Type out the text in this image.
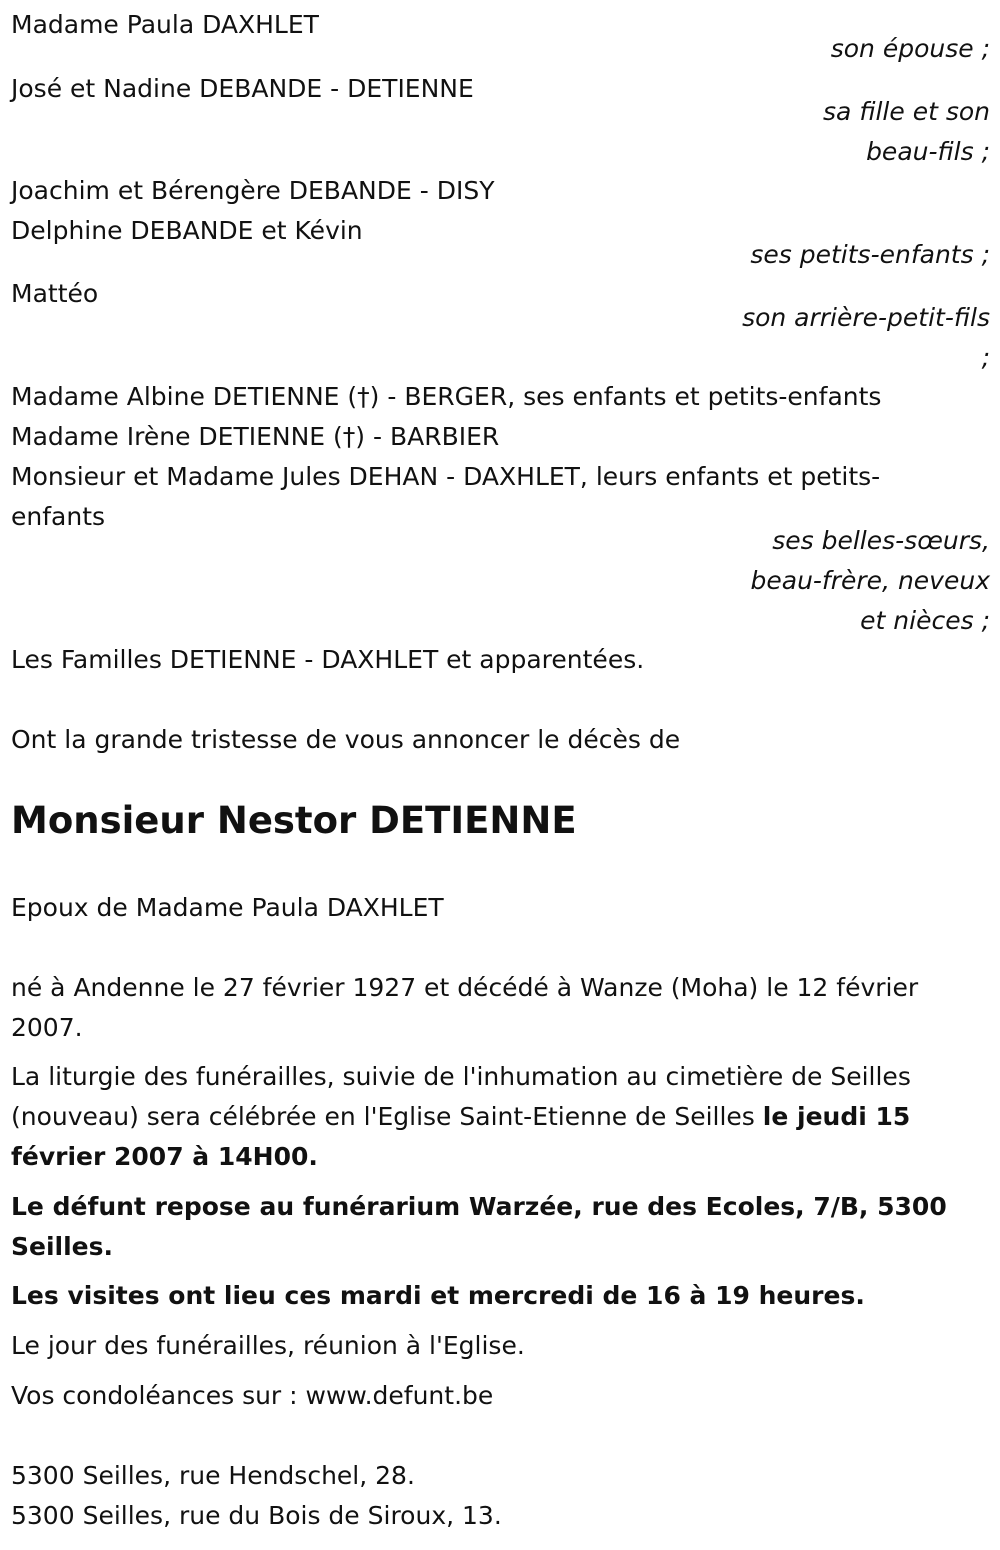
Madame Paula DAXHLET
son épouse ;
José et Nadine DEBANDE - DETIENNE
sa fille et son
beau-fils ;
Joachim et Bérengère DEBANDE - DISY
Delphine DEBANDE et Kévin
ses petits-enfants ;
Mattéo
son arrière-petit-fils
;
Madame Albine DETIENNE (†) - BERGER, ses enfants et petits-enfants
Madame Irène DETIENNE (†) - BARBIER
Monsieur et Madame Jules DEHAN - DAXHLET, leurs enfants et petits-
enfants
ses belles-sœurs,
beau-frère, neveux
et nièces ;
Les Familles DETIENNE - DAXHLET et apparentées.
Ont la grande tristesse de vous annoncer le décès de
Monsieur Nestor DETIENNE
Epoux de Madame Paula DAXHLET
né à Andenne le 27 février 1927 et décédé à Wanze (Moha) le 12 février
2007.
La liturgie des funérailles, suivie de l'inhumation au cimetière de Seilles
(nouveau) sera célébrée en l'Eglise Saint-Etienne de Seilles le jeudi 15
février 2007 à 14H00.
Le défunt repose au funérarium Warzée, rue des Ecoles, 7/B, 5300
Seilles.
Les visites ont lieu ces mardi et mercredi de 16 à 19 heures.
Le jour des funérailles, réunion à l'Eglise.
Vos condoléances sur : www.defunt.be
5300 Seilles, rue Hendschel, 28.
5300 Seilles, rue du Bois de Siroux, 13.
